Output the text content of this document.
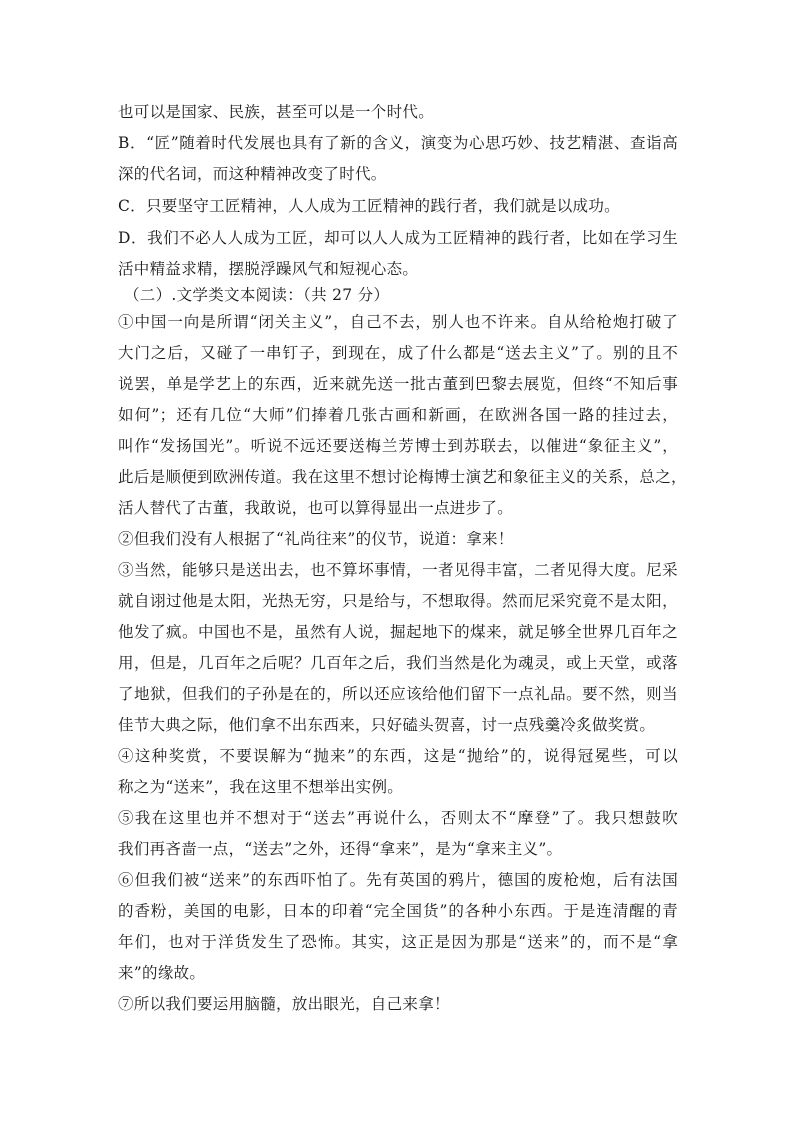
也可以是国家、民族，甚至可以是一个时代。
B．“匠”随着时代发展也具有了新的含义，演变为心思巧妙、技艺精湛、查诣高
深的代名词，而这种精神改变了时代。
C．只要坚守工匠精神，人人成为工匠精神的践行者，我们就是以成功。
D．我们不必人人成为工匠，却可以人人成为工匠精神的践行者，比如在学习生
活中精益求精，摆脱浮躁风气和短视心态。
（二）.文学类文本阅读：（共 27 分）
①中国一向是所谓“闭关主义”，自己不去，别人也不许来。自从给枪炮打破了
大门之后，又碰了一串钉子，到现在，成了什么都是“送去主义”了。别的且不
说罢，单是学艺上的东西，近来就先送一批古董到巴黎去展览，但终“不知后事
如何”；还有几位“大师”们捧着几张古画和新画，在欧洲各国一路的挂过去，
叫作“发扬国光”。听说不远还要送梅兰芳博士到苏联去，以催进“象征主义”，
此后是顺便到欧洲传道。我在这里不想讨论梅博士演艺和象征主义的关系，总之，
活人替代了古董，我敢说，也可以算得显出一点进步了。
②但我们没有人根据了“礼尚往来”的仪节，说道：拿来！
③当然，能够只是送出去，也不算坏事情，一者见得丰富，二者见得大度。尼采
就自诩过他是太阳，光热无穷，只是给与，不想取得。然而尼采究竟不是太阳，
他发了疯。中国也不是，虽然有人说，掘起地下的煤来，就足够全世界几百年之
用，但是，几百年之后呢？几百年之后，我们当然是化为魂灵，或上天堂，或落
了地狱，但我们的子孙是在的，所以还应该给他们留下一点礼品。要不然，则当
佳节大典之际，他们拿不出东西来，只好磕头贺喜，讨一点残羹冷炙做奖赏。
④这种奖赏，不要误解为“抛来”的东西，这是“抛给”的，说得冠冕些，可以
称之为“送来”，我在这里不想举出实例。
⑤我在这里也并不想对于“送去”再说什么，否则太不“摩登”了。我只想鼓吹
我们再吝啬一点，“送去”之外，还得“拿来”，是为“拿来主义”。
⑥但我们被“送来”的东西吓怕了。先有英国的鸦片，德国的废枪炮，后有法国
的香粉，美国的电影，日本的印着“完全国货”的各种小东西。于是连清醒的青
年们，也对于洋货发生了恐怖。其实，这正是因为那是“送来”的，而不是“拿
来”的缘故。
⑦所以我们要运用脑髓，放出眼光，自己来拿！
